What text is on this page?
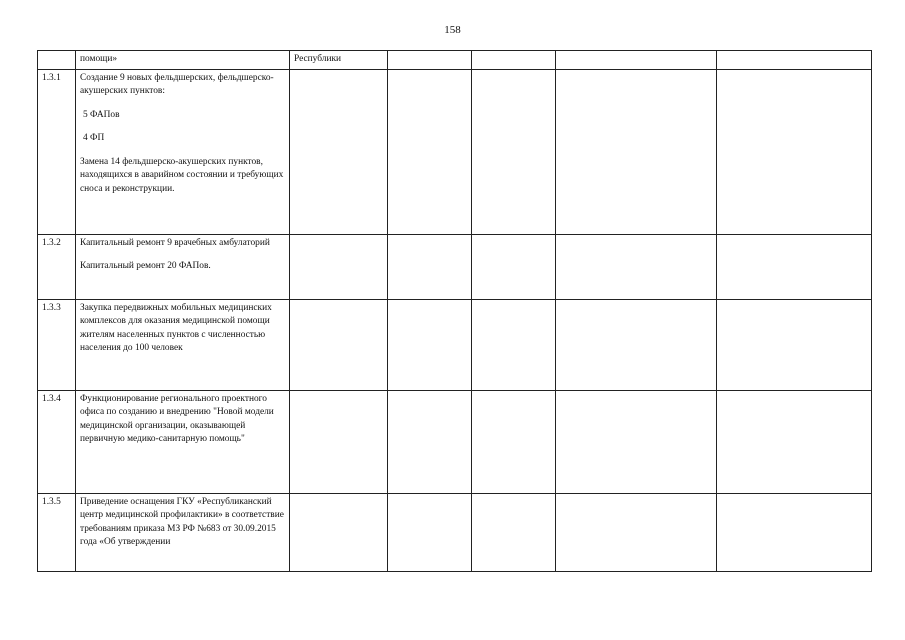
158

	помощи»	Республики				
1.3.1	Создание 9 новых фельдшерских, фельдшерско-акушерских пунктов:
5 ФАПов
4 ФП
Замена 14 фельдшерско-акушерских пунктов, находящихся в аварийном состоянии и требующих сноса и реконструкции.					

1.3.2	Капитальный ремонт 9 врачебных амбулаторий
Капитальный ремонт 20 ФАПов.					

1.3.3	Закупка передвижных мобильных медицинских комплексов для оказания медицинской помощи жителям населенных пунктов с численностью населения до 100 человек					

1.3.4	Функционирование регионального проектного офиса по созданию и внедрению "Новой модели медицинской организации, оказывающей первичную медико-санитарную помощь"					

1.3.5	Приведение оснащения ГКУ «Республиканский центр медицинской профилактики» в соответствие требованиям приказа МЗ РФ №683 от 30.09.2015 года «Об утверждении					
